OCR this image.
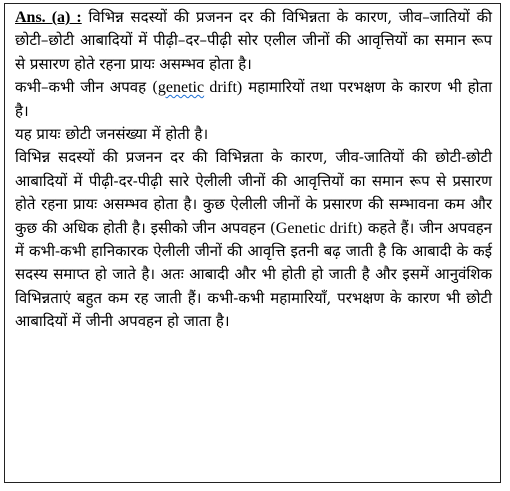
Ans. (a) : विभिन्न सदस्यों की प्रजनन दर की विभिन्नता के कारण, जीव–जातियों की छोटी–छोटी आबादियों में पीढ़ी–दर–पीढ़ी सोर एलील जीनों की आवृत्तियों का समान रूप से प्रसारण होते रहना प्रायः असम्भव होता है।

कभी–कभी जीन अपवह (genetic drift) महामारियों तथा परभक्षण के कारण भी होता है।

यह प्रायः छोटी जनसंख्या में होती है।

विभिन्न सदस्यों की प्रजनन दर की विभिन्नता के कारण, जीव-जातियों की छोटी-छोटी आबादियों में पीढ़ी-दर-पीढ़ी सारे ऐलीली जीनों की आवृत्तियों का समान रूप से प्रसारण होते रहना प्रायः असम्भव होता है। कुछ ऐलीली जीनों के प्रसारण की सम्भावना कम और कुछ की अधिक होती है। इसीको जीन अपवहन (Genetic drift) कहते हैं। जीन अपवहन में कभी-कभी हानिकारक ऐलीली जीनों की आवृत्ति इतनी बढ़ जाती है कि आबादी के कई सदस्य समाप्त हो जाते है। अतः आबादी और भी होती हो जाती है और इसमें आनुवंशिक विभिन्नताएं बहुत कम रह जाती हैं। कभी-कभी महामारियाँ, परभक्षण के कारण भी छोटी आबादियों में जीनी अपवहन हो जाता है।
